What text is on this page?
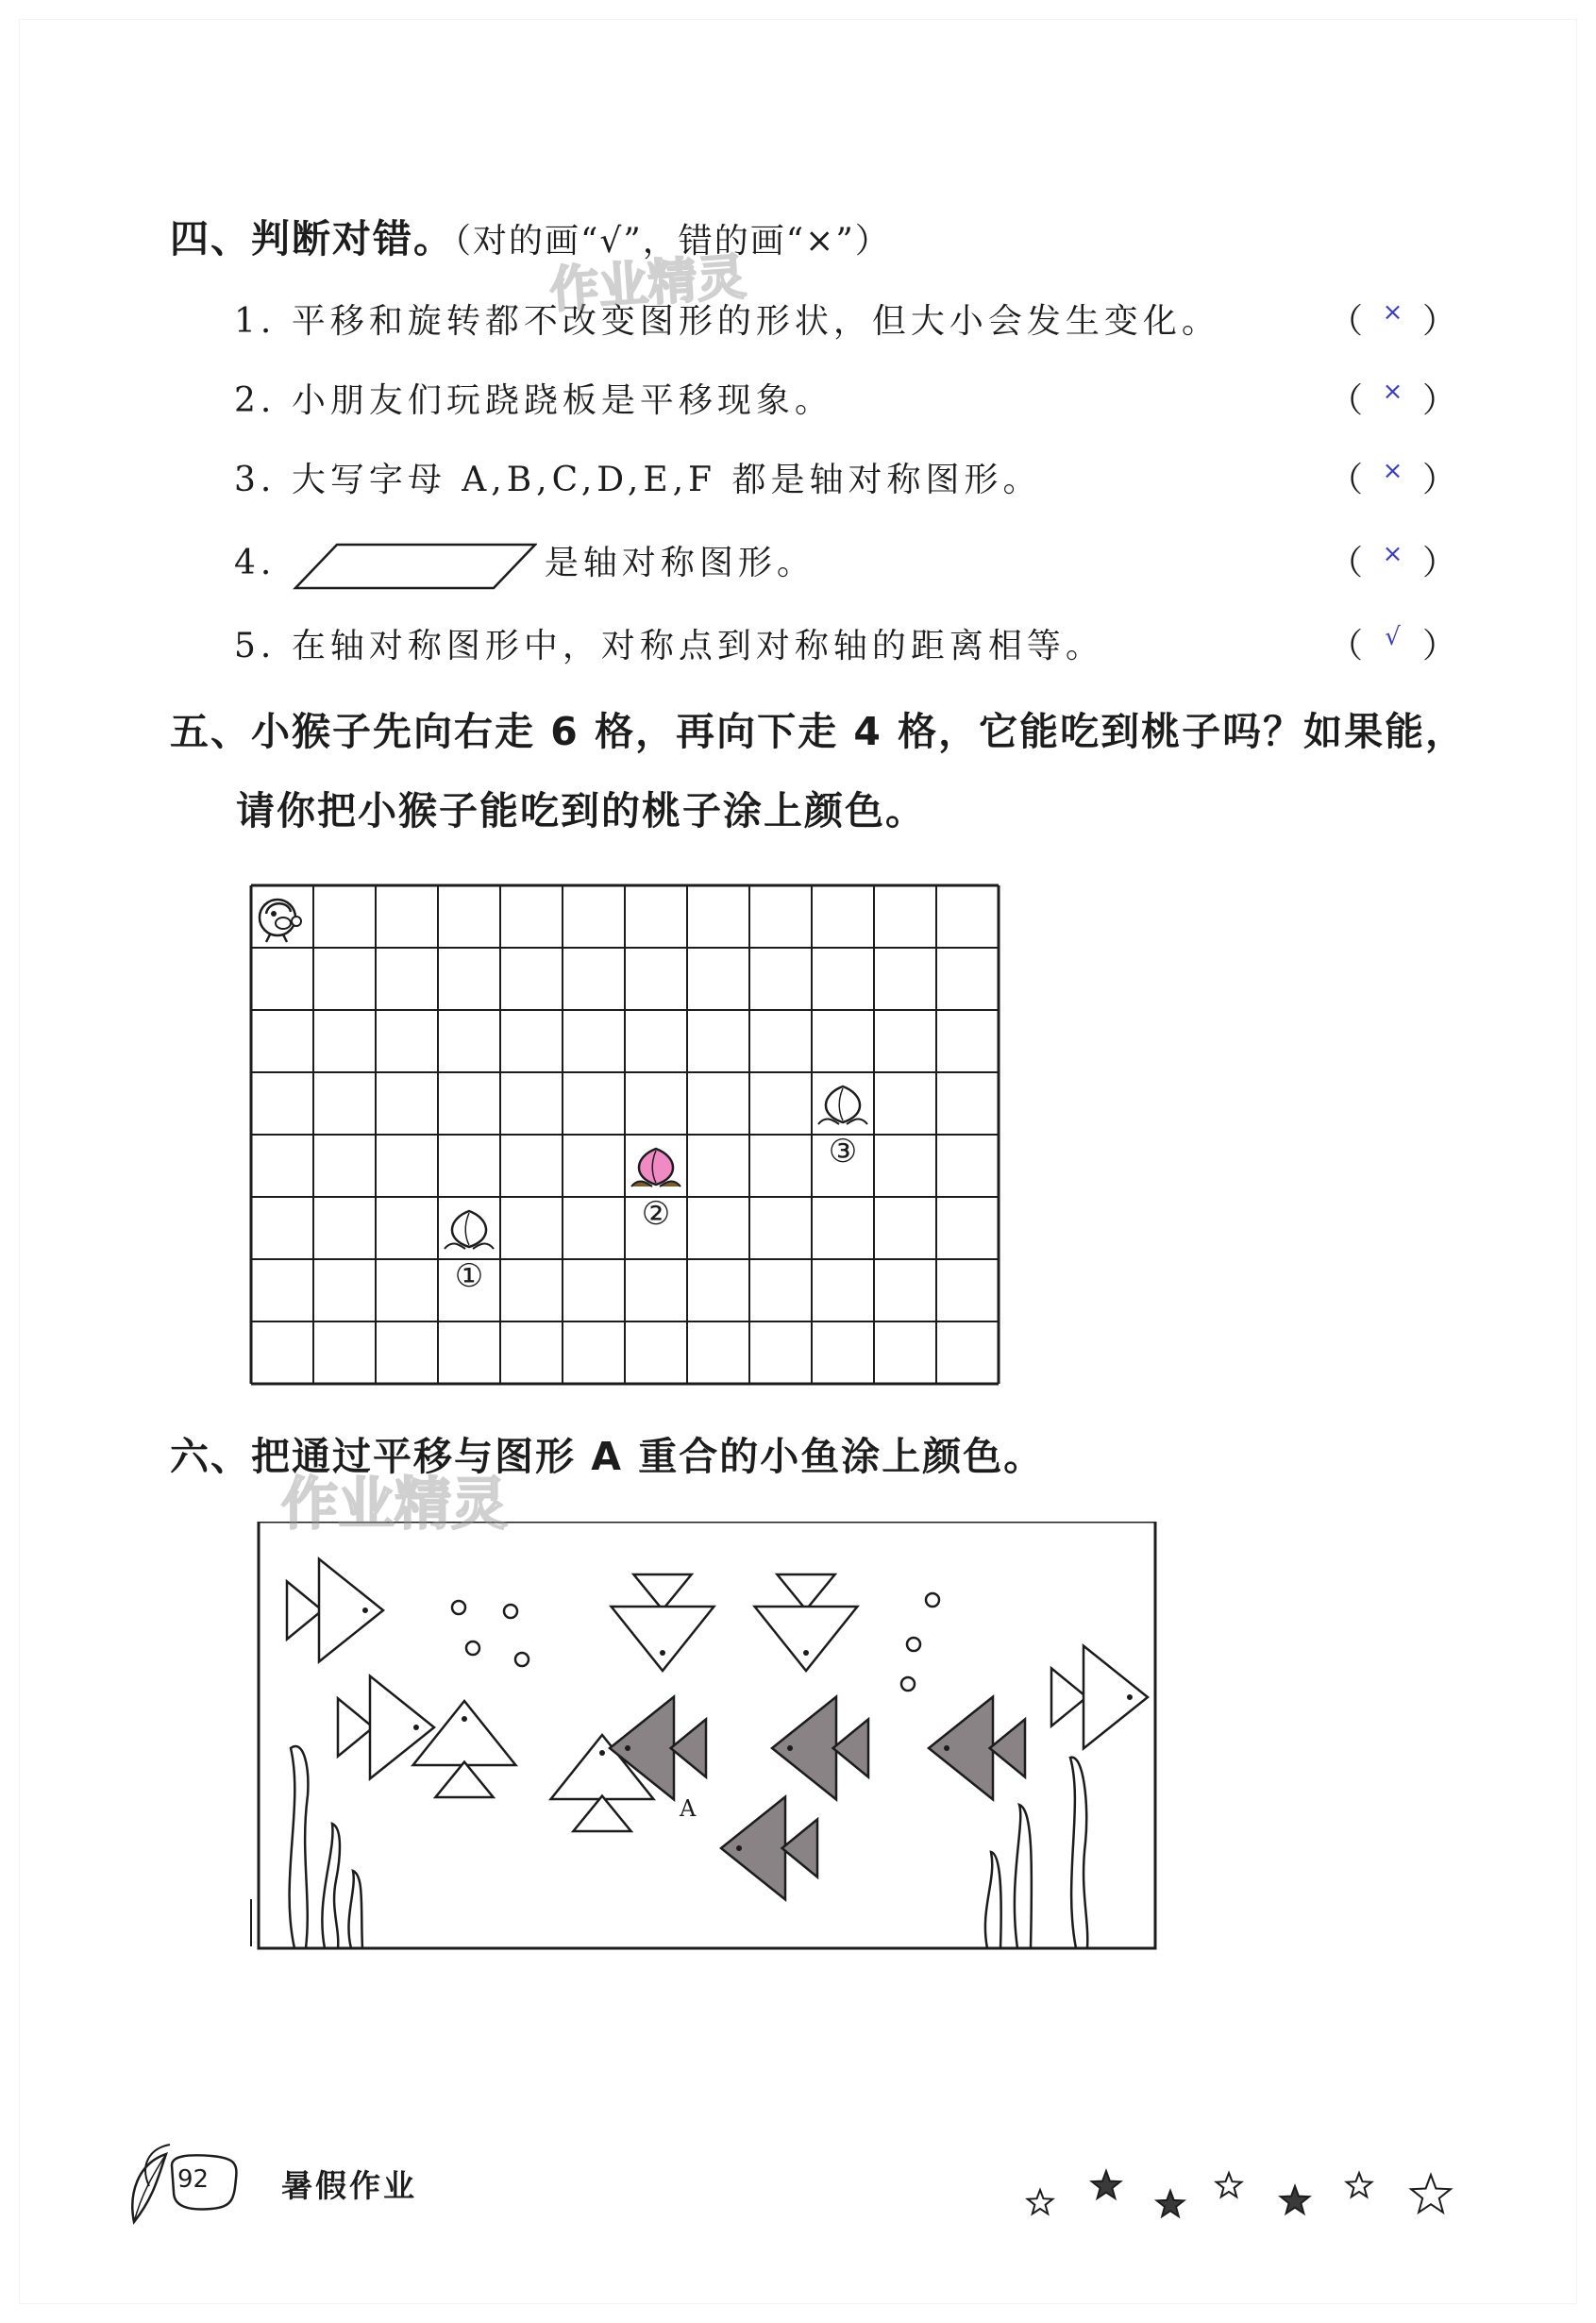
四、判断对错。（对的画“√”，错的画“×”）
1. 平移和旋转都不改变图形的形状，但大小会发生变化。	（ × ）
2. 小朋友们玩跷跷板是平移现象。	（ × ）
3. 大写字母 A,B,C,D,E,F 都是轴对称图形。	（ × ）
4.	是轴对称图形。	（ × ）
5. 在轴对称图形中，对称点到对称轴的距离相等。	（ √ ）
五、小猴子先向右走 6 格，再向下走 4 格，它能吃到桃子吗？如果能，
请你把小猴子能吃到的桃子涂上颜色。
①
②
③
六、把通过平移与图形 A 重合的小鱼涂上颜色。
A
作业精灵
作业精灵
92 暑假作业
